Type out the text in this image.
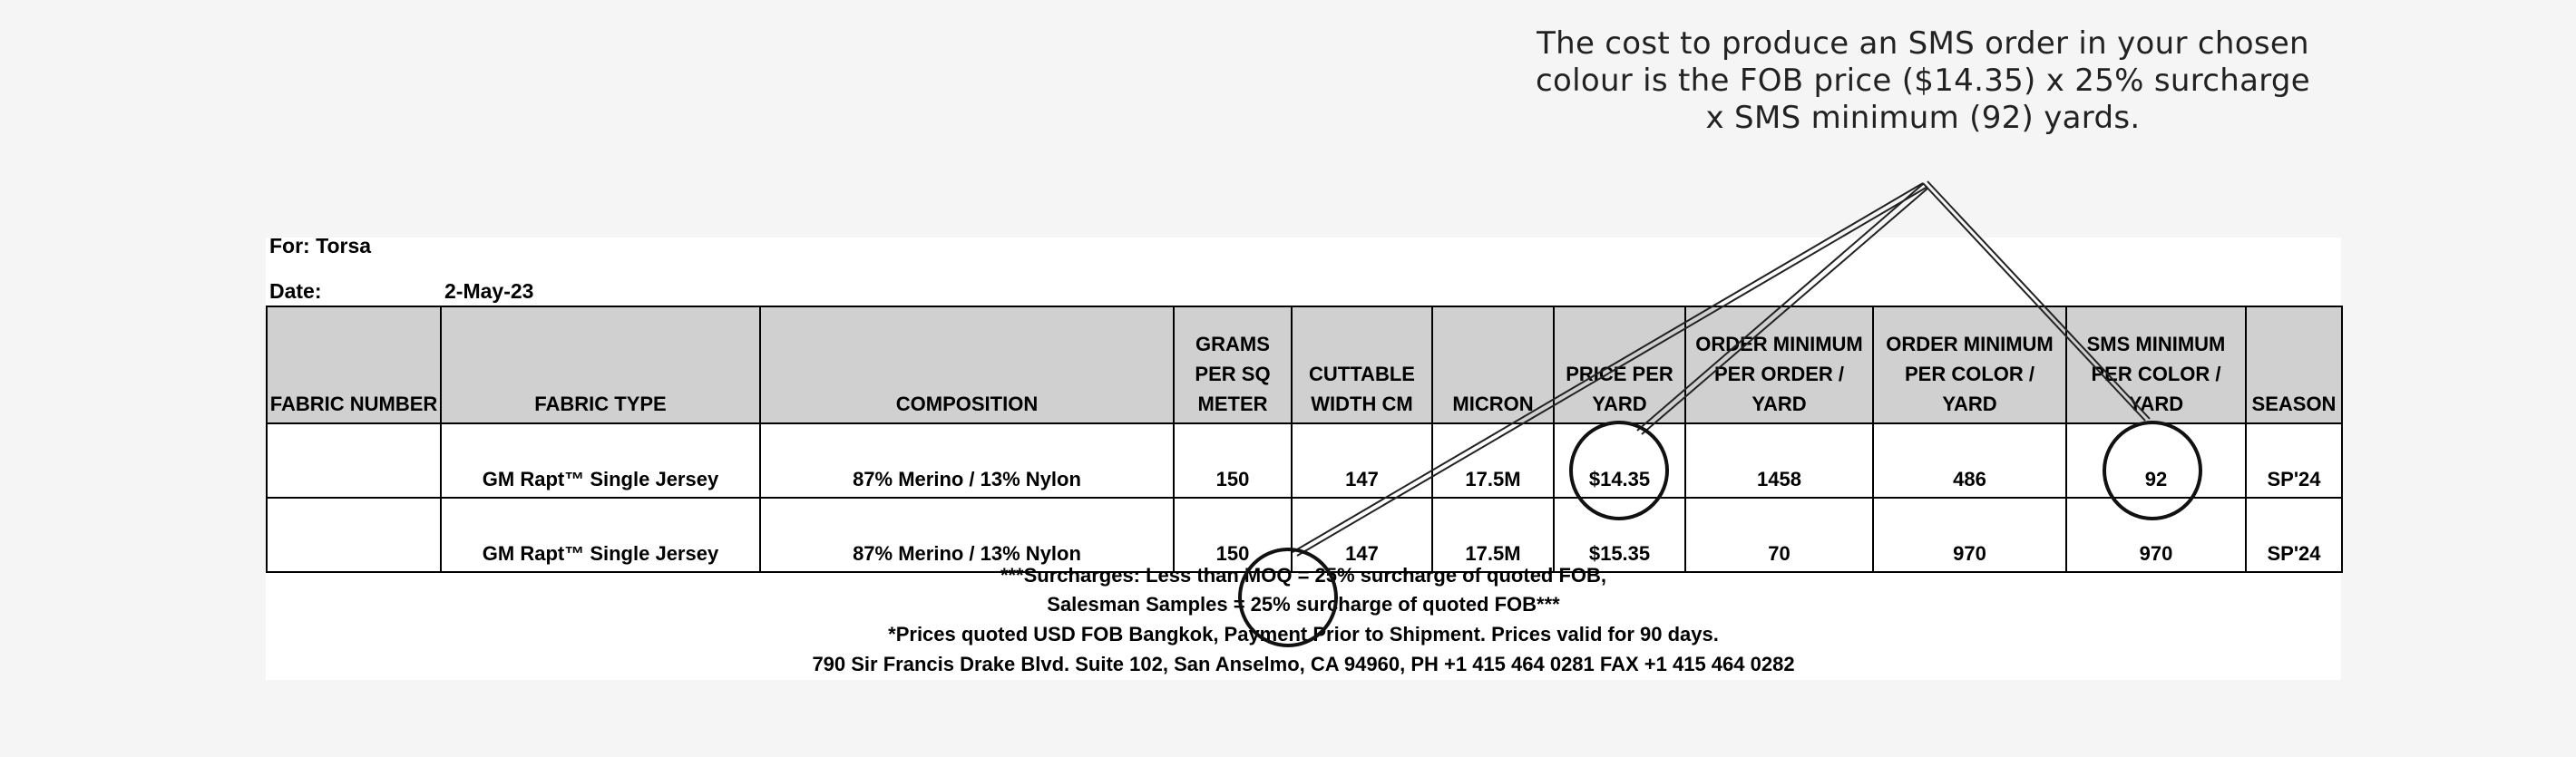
The cost to produce an SMS order in your chosen colour is the FOB price ($14.35) x 25% surcharge x SMS minimum (92) yards.
For: Torsa
Date:	2-May-23
FABRIC NUMBER	FABRIC TYPE	COMPOSITION	GRAMS PER SQ METER	CUTTABLE WIDTH CM	MICRON	PRICE PER YARD	ORDER MINIMUM PER ORDER / YARD	ORDER MINIMUM PER COLOR / YARD	SMS MINIMUM PER COLOR / YARD	SEASON
	GM Rapt™ Single Jersey	87% Merino / 13% Nylon	150	147	17.5M	$14.35	1458	486	92	SP'24
	GM Rapt™ Single Jersey	87% Merino / 13% Nylon	150	147	17.5M	$15.35	70	970	970	SP'24
***Surcharges: Less than MOQ = 25% surcharge of quoted FOB,
Salesman Samples = 25% surcharge of quoted FOB***
*Prices quoted USD FOB Bangkok, Payment Prior to Shipment. Prices valid for 90 days.
790 Sir Francis Drake Blvd. Suite 102, San Anselmo, CA 94960, PH +1 415 464 0281 FAX +1 415 464 0282
